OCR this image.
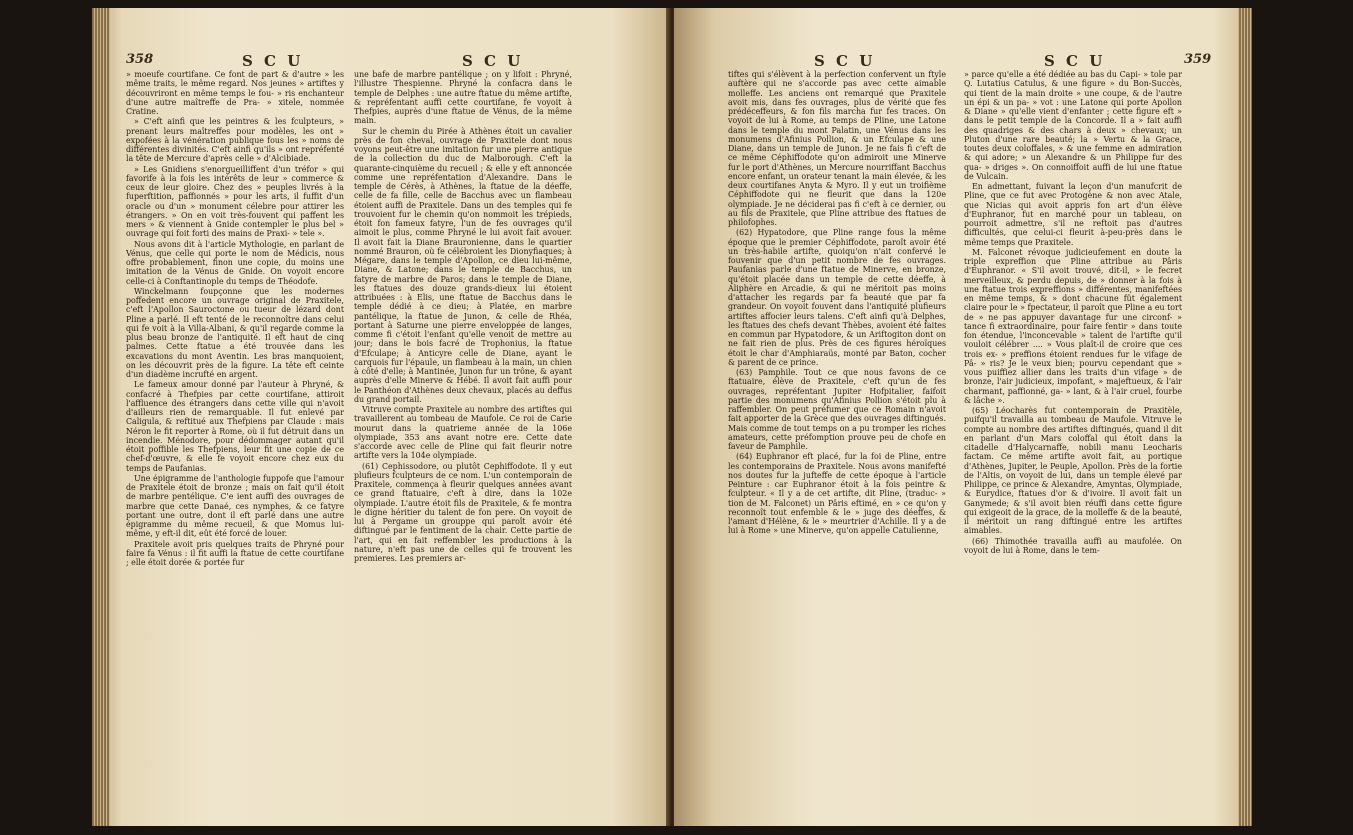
358	S C U	S C U

» moeufe courtifane. Ce font de part & d'autre » les même traits, le même regard. Nos jeunes » artiftes y découvriront en même temps le fou- » ris enchanteur d'une autre maîtreffe de Pra- » xitele, nommée Cratine.

» C'eft ainfi que les peintres & les fculpteurs, » prenant leurs maîtreffes pour modèles, les ont » expofées à la vénération publique fous les » noms de différentes divinités. C'eft ainfi qu'ils » ont repréfenté la tête de Mercure d'après celle » d'Alcibiade.

» Les Gnidiens s'enorgueilliffent d'un tréfor » qui favorife à la fois les intérêts de leur » commerce & ceux de leur gloire. Chez des » peuples livrés à la fuperftition, paffionnés » pour les arts, il fuffit d'un oracle ou d'un » monument célebre pour attirer les étrangers. » On en voit très-fouvent qui paffent les mers » & viennent à Gnide contempler le plus bel » ouvrage qui foit forti des mains de Praxi- » tele ».

Nous avons dit à l'article Mythologie, en parlant de Vénus, que celle qui porte le nom de Médicis, nous offre probablement, finon une copie, du moins une imitation de la Vénus de Gnide. On voyoit encore celle-ci à Conftantinople du temps de Théodofe.

Winckelmann foupçonne que les modernes poffedent encore un ouvrage original de Praxitele, c'eft l'Apollon Sauroctone ou tueur de lézard dont Pline a parlé. Il eft tenté de le reconnoître dans celui qui fe voit à la Villa-Albani, & qu'il regarde comme la plus beau bronze de l'antiquité. Il eft haut de cinq palmes. Cette ftatue a été trouvée dans les excavations du mont Aventin. Les bras manquoient, on les découvrit près de la figure. La tête eft ceinte d'un diadème incrufté en argent.

Le fameux amour donné par l'auteur à Phryné, & confacré à Thefpies par cette courtifane, attiroit l'affluence des étrangers dans cette ville qui n'avoit d'ailleurs rien de remarquable. Il fut enlevé par Caligula, & reftitué aux Thefpiens par Claude : mais Néron le fit reporter à Rome, où il fut détruit dans un incendie. Ménodore, pour dédommager autant qu'il étoit poffible les Thefpiens, leur fit une copie de ce chef-d'œuvre, & elle fe voyoit encore chez eux du temps de Paufanias.

Une épigramme de l'anthologie fuppofe que l'amour de Praxitele étoit de bronze ; mais on fait qu'il étoit de marbre pentélique. C'e ient auffi des ouvrages de marbre que cette Danaé, ces nymphes, & ce fatyre portant une outre, dont il eft parlé dans une autre épigramme du même recueil, & que Momus lui-même, y eft-il dit, eût été forcé de louer.

Praxitele avoit pris quelques traits de Phryné pour faire fa Vénus : il fit auffi la ftatue de cette courtifane ; elle étoit dorée & portée fur

une bafe de marbre pantélique ; on y lifoit : Phryné, l'illustre Thespienne. Phryné la confacra dans le temple de Delphes : une autre ftatue du même artifte, & repréfentant auffi cette courtifane, fe voyoit à Thefpies, auprès d'une ftatue de Vénus, de la même main.

Sur le chemin du Pirée à Athènes étoit un cavalier près de fon cheval, ouvrage de Praxitele dont nous voyons peut-être une imitation fur une pierre antique de la collection du duc de Malborough. C'eft la quarante-cinquième du recueil ; & elle y eft annoncée comme une repréfentation d'Alexandre. Dans le temple de Cérès, à Athènes, la ftatue de la déeffe, celle de fa fille, celle de Bacchus avec un flambeau étoient auffi de Praxitele. Dans un des temples qui fe trouvoient fur le chemin qu'on nommoit les trépieds, étoit fon fameux fatyre, l'un de fes ouvrages qu'il aimoit le plus, comme Phryné le lui avoit fait avouer. Il avoit fait la Diane Brauronienne, dans le quartier nommé Brauron, où fe célébroient les Dionyfiaques; à Mégare, dans le temple d'Apollon, ce dieu lui-même, Diane, & Latone; dans le temple de Bacchus, un fatyre de marbre de Paros; dans le temple de Diane, les ftatues des douze grands-dieux lui étoient attribuées : à Elis, une ftatue de Bacchus dans le temple dédié à ce dieu; à Platée, en marbre pantélique, la ftatue de Junon, & celle de Rhéa, portant à Saturne une pierre enveloppée de langes, comme fi c'étoit l'enfant qu'elle venoit de mettre au jour; dans le bois facré de Trophonius, la ftatue d'Efculape; à Anticyre celle de Diane, ayant le carquois fur l'épaule, un flambeau à la main, un chien à côté d'elle; à Mantinée, Junon fur un trône, & ayant auprès d'elle Minerve & Hébé. Il avoit fait auffi pour le Panthéon d'Athènes deux chevaux, placés au deffus du grand portail.

Vitruve compte Praxitele au nombre des artiftes qui travaillerent au tombeau de Maufole. Ce roi de Carie mourut dans la quatrieme année de la 106e olympiade, 353 ans avant notre ere. Cette date s'accorde avec celle de Pline qui fait fleurir notre artifte vers la 104e olympiade.

(61) Cephissodore, ou plutôt Cephiffodote. Il y eut plufieurs fculpteurs de ce nom. L'un contemporain de Praxitele, commença à fleurir quelques années avant ce grand ftatuaire, c'eft à dire, dans la 102e olympiade. L'autre étoit fils de Praxitele, & fe montra le digne héritier du talent de fon pere. On voyoit de lui à Pergame un grouppe qui paroît avoir été diftingué par le fentiment de la chair. Cette partie de l'art, qui en fait reffembler les productions à la nature, n'eft pas une de celles qui fe trouvent les premieres. Les premiers ar-

S C U	S C U	359

tiftes qui s'élèvent à la perfection confervent un ftyle auftère qui ne s'accorde pas avec cette aimable molleffe. Les anciens ont remarqué que Praxitele avoit mis, dans fes ouvrages, plus de vérité que fes prédéceffeurs, & fon fils marcha fur fes traces. On voyoit de lui à Rome, au temps de Pline, une Latone dans le temple du mont Palatin, une Vénus dans les monumens d'Afinius Pollion, & un Efculape & une Diane, dans un temple de Junon. Je ne fais fi c'eft de ce même Céphiffodote qu'on admiroit une Minerve fur le port d'Athènes, un Mercure nourriffant Bacchus encore enfant, un orateur tenant la main élevée, & les deux courtifanes Anyta & Myro. Il y eut un troifième Céphiffodote qui ne fleurit que dans la 120e olympiade. Je ne déciderai pas fi c'eft à ce dernier, ou au fils de Praxitele, que Pline attribue des ftatues de philofophes.

(62) Hypatodore, que Pline range fous la même époque que le premier Céphiffodote, paroît avoir été un très-habile artifte, quoiqu'on n'ait confervé le fouvenir que d'un petit nombre de fes ouvrages. Paufanias parle d'une ftatue de Minerve, en bronze, qu'étoit placée dans un temple de cette déeffe, à Aliphère en Arcadie, & qui ne méritoit pas moins d'attacher les regards par fa beauté que par fa grandeur. On voyoit fouvent dans l'antiquité plufieurs artiftes affocier leurs talens. C'eft ainfi qu'à Delphes, les ftatues des chefs devant Thèbes, avoient été faites en commun par Hypatodore, & un Ariftogiton dont on ne fait rien de plus. Près de ces figures héroïques étoit le char d'Amphiaraüs, monté par Baton, cocher & parent de ce prince.

(63) Pamphile. Tout ce que nous favons de ce ftatuaire, élève de Praxitele, c'eft qu'un de fes ouvrages, repréfentant Jupiter Hofpitalier, faifoit partie des monumens qu'Afinius Pollion s'étoit plu à raffembler. On peut préfumer que ce Romain n'avoit fait apporter de la Grèce que des ouvrages diftingués. Mais comme de tout temps on a pu tromper les riches amateurs, cette préfomption prouve peu de chofe en faveur de Pamphile.

(64) Euphranor eft placé, fur la foi de Pline, entre les contemporains de Praxitele. Nous avons manifefté nos doutes fur la jufteffe de cette époque à l'article Peinture : car Euphranor étoit à la fois peintre & fculpteur. « Il y a de cet artifte, dit Pline, (traduc- » tion de M. Falconet) un Pâris eftimé, en » ce qu'on y reconnoît tout enfemble & le » juge des déeffes, & l'amant d'Hélène, & le » meurtrier d'Achille. Il y a de lui à Rome » une Minerve, qu'on appelle Catulienne,

» parce qu'elle a été dédiée au bas du Capi- » tole par Q. Lutatius Catulus, & une figure » du Bon-Succès, qui tient de la main droite » une coupe, & de l'autre un épi & un pa- » vot : une Latone qui porte Apollon & Diane » qu'elle vient d'enfanter ; cette figure eft » dans le petit temple de la Concorde. Il a » fait auffi des quadriges & des chars à deux » chevaux; un Pluton d'une rare beauté; la » Vertu & la Grace, toutes deux coloffales, » & une femme en admiration & qui adore; » un Alexandre & un Philippe fur des qua- » driges ». On connoiffoit auffi de lui une ftatue de Vulcain.

En admettant, fuivant la leçon d'un manufcrit de Pline, que ce fut avec Protogène & non avec Atale, que Nicias qui avoit appris fon art d'un élève d'Euphranor, fut en marché pour un tableau, on pourroit admettre, s'il ne reftoit pas d'autres difficultés, que celui-ci fleurit à-peu-près dans le même temps que Praxitele.

M. Falconet révoque judicieufement en doute la triple expreffion que Pline attribue au Pâris d'Euphranor. « S'il avoit trouvé, dit-il, » le fecret merveilleux, & perdu depuis, de » donner à la fois à une ftatue trois expreffions » différentes, manifeftées en même temps, & » dont chacune fût également claire pour le » fpectateur, il paroît que Pline a eu tort de » ne pas appuyer davantage fur une circonf- » tance fi extraordinaire, pour faire fentir » dans toute fon étendue, l'inconcevable » talent de l'artifte qu'il vouloit célébrer .... » Vous plaît-il de croire que ces trois ex- » preffions étoient rendues fur le vifage de Pâ- » ris? Je le veux bien; pourvu cependant que » vous puiffiez allier dans les traits d'un vifage » de bronze, l'air judicieux, impofant, » majeftueux, & l'air charmant, paffionné, ga- » lant, & à l'air cruel, fourbe & lâche ».

(65) Léocharès fut contemporain de Praxitèle, puifqu'il travailla au tombeau de Maufole. Vitruve le compte au nombre des artiftes diftingués, quand il dit en parlant d'un Mars coloffal qui étoit dans la citadelle d'Halycarnaffe, nobili manu Leocharis factam. Ce même artifte avoit fait, au portique d'Athènes, Jupiter, le Peuple, Apollon. Près de la fortie de l'Altis, on voyoit de lui, dans un temple élevé par Philippe, ce prince & Alexandre, Amyntas, Olympiade, & Eurydice, ftatues d'or & d'ivoire. Il avoit fait un Ganymede; & s'il avoit bien réuffi dans cette figure qui exigeoit de la grace, de la molleffe & de la beauté, il méritoit un rang diftingué entre les artiftes aimables.

(66) Thimothée travailla auffi au maufolée. On voyoit de lui à Rome, dans le tem-
